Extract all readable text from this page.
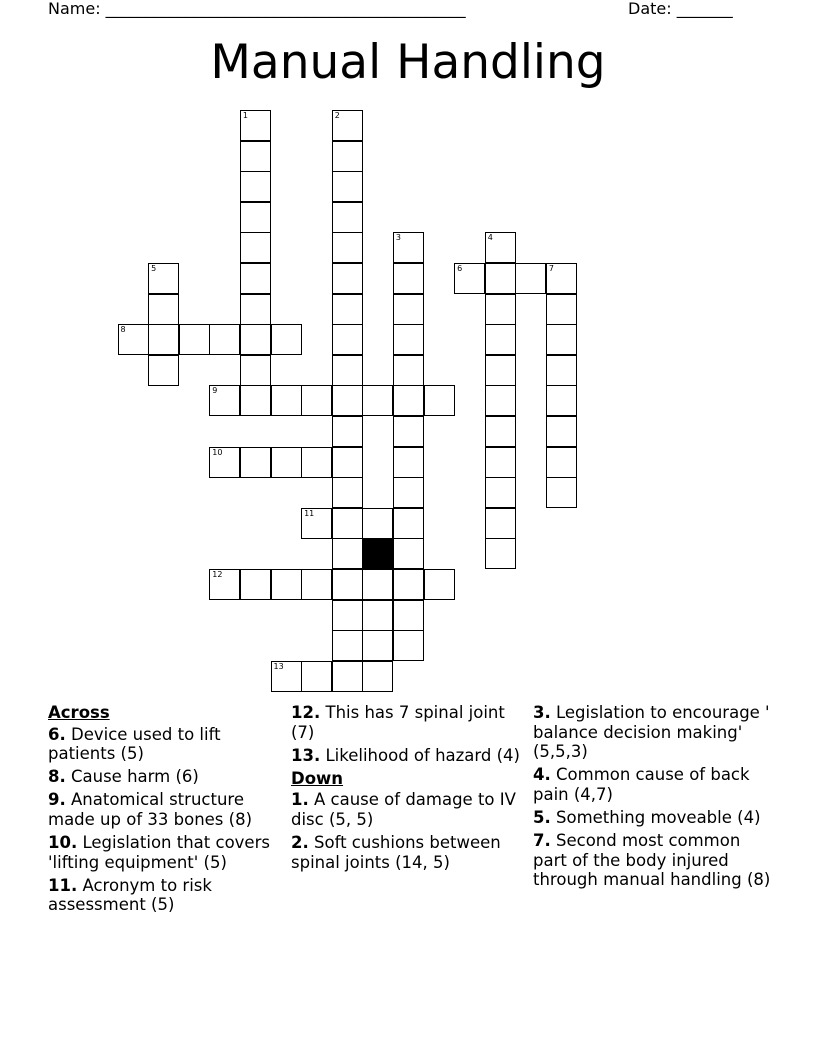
Name: _____________________________________________	Date: _______
Manual Handling
1	2
3	4
5	6	7
8
9
10
11
12
13
Across
6. Device used to lift patients (5)
8. Cause harm (6)
9. Anatomical structure made up of 33 bones (8)
10. Legislation that covers 'lifting equipment' (5)
11. Acronym to risk assessment (5)
12. This has 7 spinal joint (7)
13. Likelihood of hazard (4)
Down
1. A cause of damage to IV disc (5, 5)
2. Soft cushions between spinal joints (14, 5)
3. Legislation to encourage ' balance decision making' (5,5,3)
4. Common cause of back pain (4,7)
5. Something moveable (4)
7. Second most common part of the body injured through manual handling (8)
